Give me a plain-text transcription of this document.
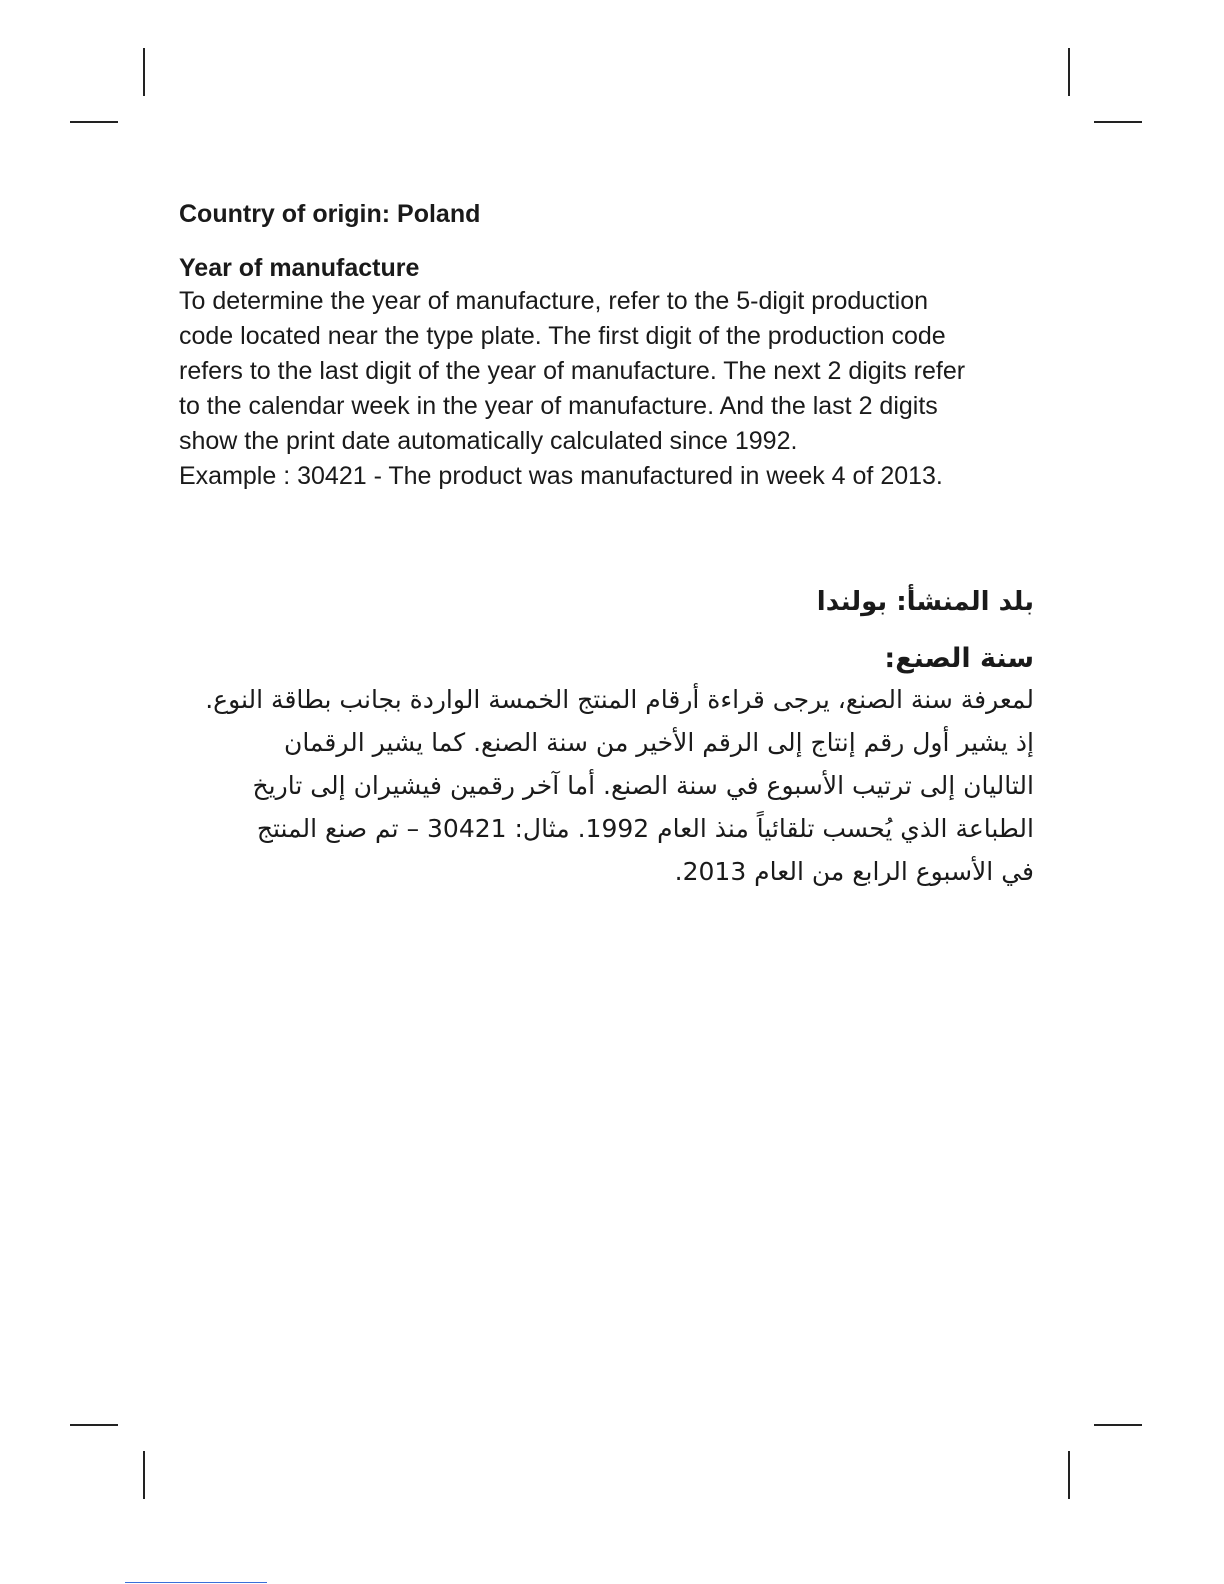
Country of origin: Poland

Year of manufacture

To determine the year of manufacture, refer to the 5-digit production
code located near the type plate. The first digit of the production code
refers to the last digit of the year of manufacture. The next 2 digits refer
to the calendar week in the year of manufacture. And the last 2 digits
show the print date automatically calculated since 1992.
Example : 30421 - The product was manufactured in week 4 of 2013.

بلد المنشأ: بولندا

سنة الصنع:

لمعرفة سنة الصنع، يرجى قراءة أرقام المنتج الخمسة الواردة بجانب بطاقة النوع.
إذ يشير أول رقم إنتاج إلى الرقم الأخير من سنة الصنع. كما يشير الرقمان
التاليان إلى ترتيب الأسبوع في سنة الصنع. أما آخر رقمين فيشيران إلى تاريخ
الطباعة الذي يُحسب تلقائياً منذ العام 1992. مثال: 30421 – تم صنع المنتج
في الأسبوع الرابع من العام 2013.
